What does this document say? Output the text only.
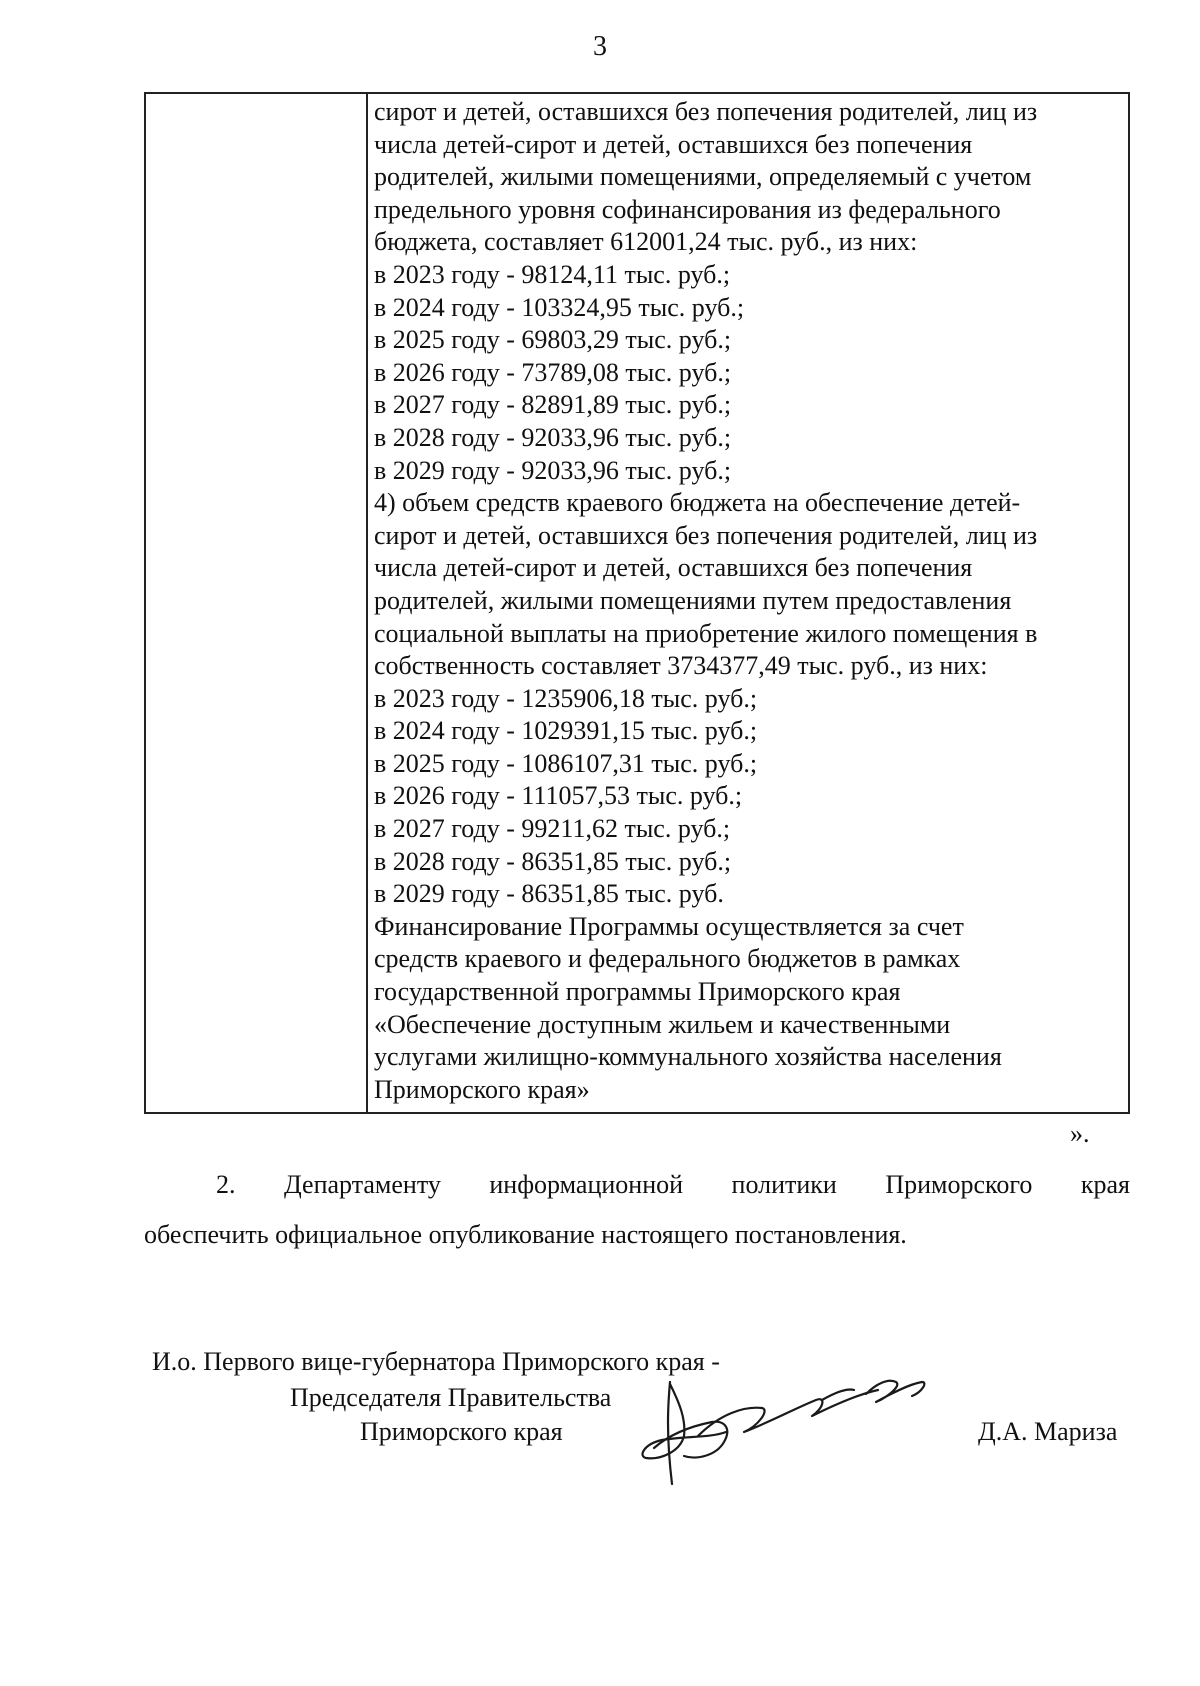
3
сирот и детей, оставшихся без попечения родителей, лиц из
числа детей-сирот и детей, оставшихся без попечения
родителей, жилыми помещениями, определяемый с учетом
предельного уровня софинансирования из федерального
бюджета, составляет 612001,24 тыс. руб., из них:
в 2023 году - 98124,11 тыс. руб.;
в 2024 году - 103324,95 тыс. руб.;
в 2025 году - 69803,29 тыс. руб.;
в 2026 году - 73789,08 тыс. руб.;
в 2027 году - 82891,89 тыс. руб.;
в 2028 году - 92033,96 тыс. руб.;
в 2029 году - 92033,96 тыс. руб.;
4) объем средств краевого бюджета на обеспечение детей-
сирот и детей, оставшихся без попечения родителей, лиц из
числа детей-сирот и детей, оставшихся без попечения
родителей, жилыми помещениями путем предоставления
социальной выплаты на приобретение жилого помещения в
собственность составляет 3734377,49 тыс. руб., из них:
в 2023 году - 1235906,18 тыс. руб.;
в 2024 году - 1029391,15 тыс. руб.;
в 2025 году - 1086107,31 тыс. руб.;
в 2026 году - 111057,53 тыс. руб.;
в 2027 году - 99211,62 тыс. руб.;
в 2028 году - 86351,85 тыс. руб.;
в 2029 году - 86351,85 тыс. руб.
Финансирование Программы осуществляется за счет
средств краевого и федерального бюджетов в рамках
государственной программы Приморского края
«Обеспечение доступным жильем и качественными
услугами жилищно-коммунального хозяйства населения
Приморского края»
».
2. Департаменту информационной политики Приморского края
обеспечить официальное опубликование настоящего постановления.
И.о. Первого вице-губернатора Приморского края -
Председателя Правительства
Приморского края	Д.А. Мариза
